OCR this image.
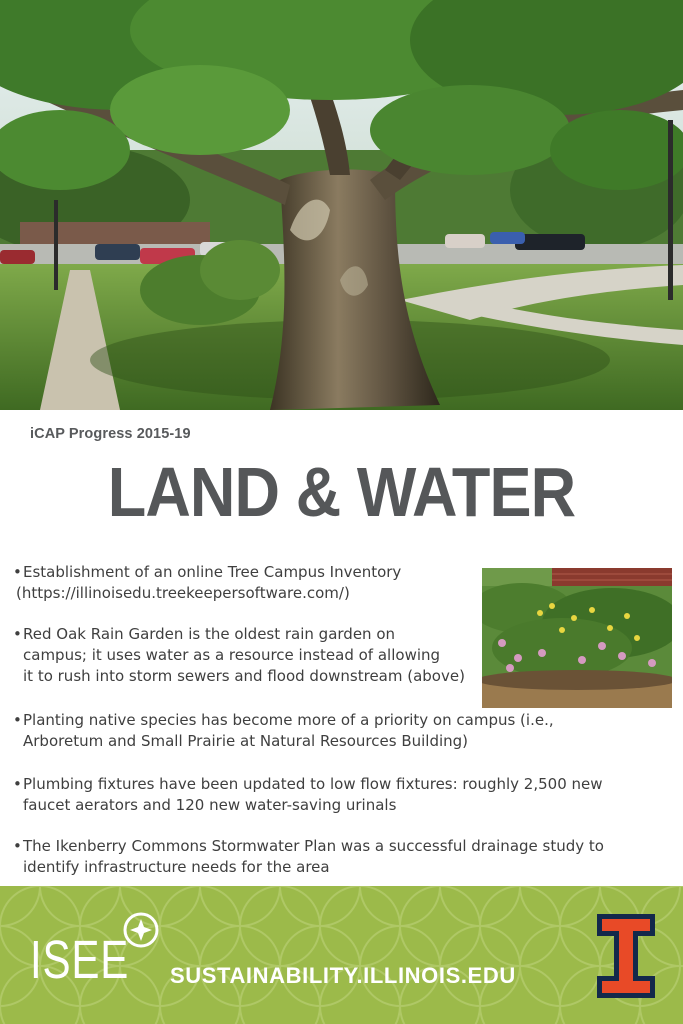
iCAP Progress 2015-19
LAND & WATER
• Establishment of an online Tree Campus Inventory
(https://illinoisedu.treekeepersoftware.com/)
• Red Oak Rain Garden is the oldest rain garden on
campus; it uses water as a resource instead of allowing
it to rush into storm sewers and flood downstream (above)
• Planting native species has become more of a priority on campus (i.e.,
Arboretum and Small Prairie at Natural Resources Building)
• Plumbing fixtures have been updated to low flow fixtures: roughly 2,500 new
faucet aerators and 120 new water-saving urinals
• The Ikenberry Commons Stormwater Plan was a successful drainage study to
identify infrastructure needs for the area
ISEE SUSTAINABILITY.ILLINOIS.EDU
